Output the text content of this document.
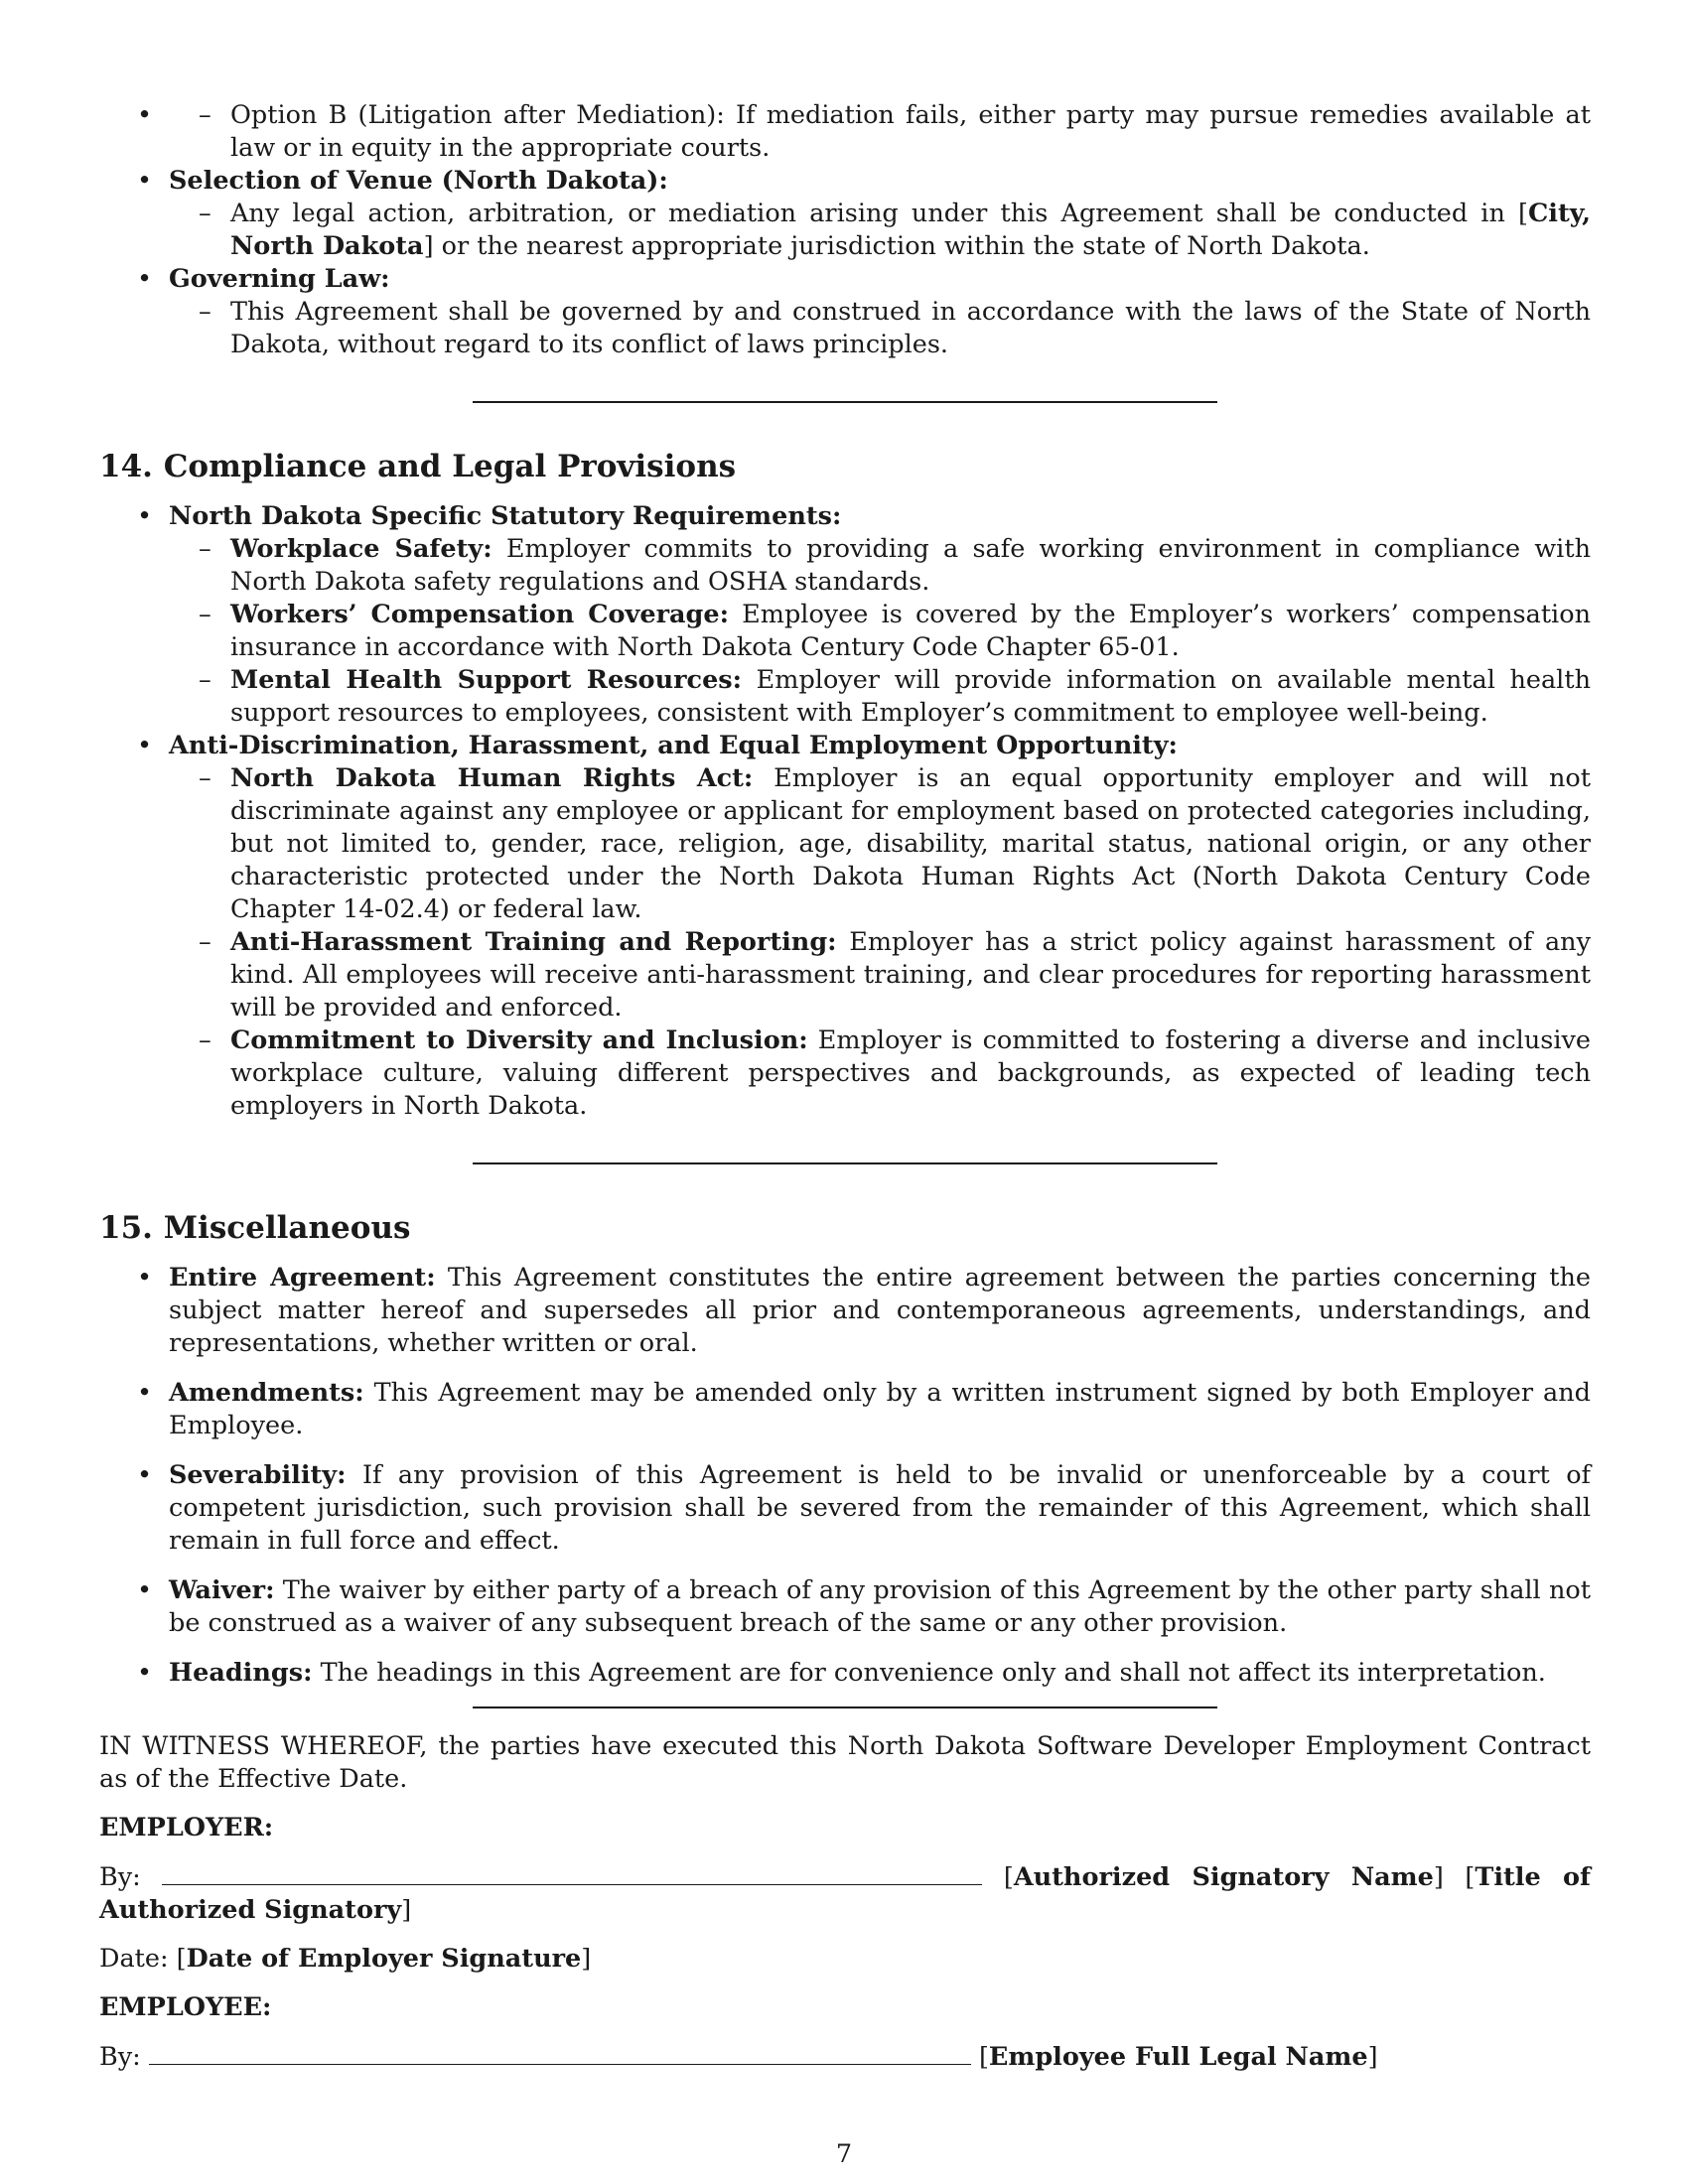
– • Option B (Litigation after Mediation): If mediation fails, either party may pursue remedies available at law or in equity in the appropriate courts.
• Selection of Venue (North Dakota):
– Any legal action, arbitration, or mediation arising under this Agreement shall be conducted in [City, North Dakota] or the nearest appropriate jurisdiction within the state of North Dakota.
• Governing Law:
– This Agreement shall be governed by and construed in accordance with the laws of the State of North Dakota, without regard to its conflict of laws principles.
14. Compliance and Legal Provisions
• North Dakota Specific Statutory Requirements:
– Workplace Safety: Employer commits to providing a safe working environment in compliance with North Dakota safety regulations and OSHA standards.
– Workers’ Compensation Coverage: Employee is covered by the Employer’s workers’ compensation insurance in accordance with North Dakota Century Code Chapter 65-01.
– Mental Health Support Resources: Employer will provide information on available mental health support resources to employees, consistent with Employer’s commitment to employee well-being.
• Anti-Discrimination, Harassment, and Equal Employment Opportunity:
– North Dakota Human Rights Act: Employer is an equal opportunity employer and will not discriminate against any employee or applicant for employment based on protected categories including, but not limited to, gender, race, religion, age, disability, marital status, national origin, or any other characteristic protected under the North Dakota Human Rights Act (North Dakota Century Code Chapter 14-02.4) or federal law.
– Anti-Harassment Training and Reporting: Employer has a strict policy against harassment of any kind. All employees will receive anti-harassment training, and clear procedures for reporting harassment will be provided and enforced.
– Commitment to Diversity and Inclusion: Employer is committed to fostering a diverse and inclusive workplace culture, valuing different perspectives and backgrounds, as expected of leading tech employers in North Dakota.
15. Miscellaneous
• Entire Agreement: This Agreement constitutes the entire agreement between the parties concerning the subject matter hereof and supersedes all prior and contemporaneous agreements, understandings, and representations, whether written or oral.
• Amendments: This Agreement may be amended only by a written instrument signed by both Employer and Employee.
• Severability: If any provision of this Agreement is held to be invalid or unenforceable by a court of competent jurisdiction, such provision shall be severed from the remainder of this Agreement, which shall remain in full force and effect.
• Waiver: The waiver by either party of a breach of any provision of this Agreement by the other party shall not be construed as a waiver of any subsequent breach of the same or any other provision.
• Headings: The headings in this Agreement are for convenience only and shall not affect its interpretation.
IN WITNESS WHEREOF, the parties have executed this North Dakota Software Developer Employment Contract as of the Effective Date.
EMPLOYER:
By:	[Authorized Signatory Name] [Title of Authorized Signatory]
Date: [Date of Employer Signature]
EMPLOYEE:
By:	[Employee Full Legal Name]
7
